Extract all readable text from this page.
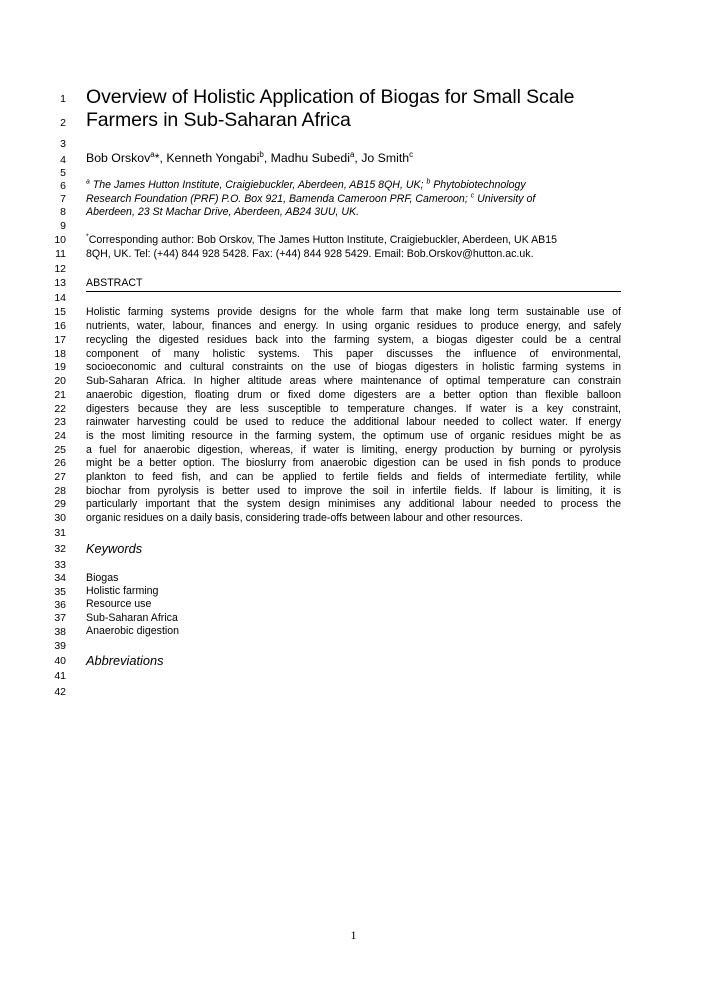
1
2
3
4
5
6
7
8
9
10
11
12
13
14
15
16
17
18
19
20
21
22
23
24
25
26
27
28
29
30
31
32
33
34
35
36
37
38
39
40
41
42
Overview of Holistic Application of Biogas for Small Scale
Farmers in Sub-Saharan Africa
Bob Orskov$^a$*, Kenneth Yongabi$^b$, Madhu Subedi$^a$, Jo Smith$^c$
$^a$ The James Hutton Institute, Craigiebuckler, Aberdeen, AB15 8QH, UK; $^b$ Phytobiotechnology
Research Foundation (PRF) P.O. Box 921, Bamenda Cameroon PRF, Cameroon; $^c$ University of
Aberdeen, 23 St Machar Drive, Aberdeen, AB24 3UU, UK.
*Corresponding author: Bob Orskov, The James Hutton Institute, Craigiebuckler, Aberdeen, UK AB15
8QH, UK. Tel: (+44) 844 928 5428. Fax: (+44) 844 928 5429. Email: Bob.Orskov@hutton.ac.uk.
ABSTRACT
Holistic farming systems provide designs for the whole farm that make long term sustainable use of
nutrients, water, labour, finances and energy. In using organic residues to produce energy, and safely
recycling the digested residues back into the farming system, a biogas digester could be a central
component of many holistic systems. This paper discusses the influence of environmental,
socioeconomic and cultural constraints on the use of biogas digesters in holistic farming systems in
Sub-Saharan Africa. In higher altitude areas where maintenance of optimal temperature can constrain
anaerobic digestion, floating drum or fixed dome digesters are a better option than flexible balloon
digesters because they are less susceptible to temperature changes. If water is a key constraint,
rainwater harvesting could be used to reduce the additional labour needed to collect water. If energy
is the most limiting resource in the farming system, the optimum use of organic residues might be as
a fuel for anaerobic digestion, whereas, if water is limiting, energy production by burning or pyrolysis
might be a better option. The bioslurry from anaerobic digestion can be used in fish ponds to produce
plankton to feed fish, and can be applied to fertile fields and fields of intermediate fertility, while
biochar from pyrolysis is better used to improve the soil in infertile fields. If labour is limiting, it is
particularly important that the system design minimises any additional labour needed to process the
organic residues on a daily basis, considering trade-offs between labour and other resources.
Keywords
Biogas
Holistic farming
Resource use
Sub-Saharan Africa
Anaerobic digestion
Abbreviations
1
